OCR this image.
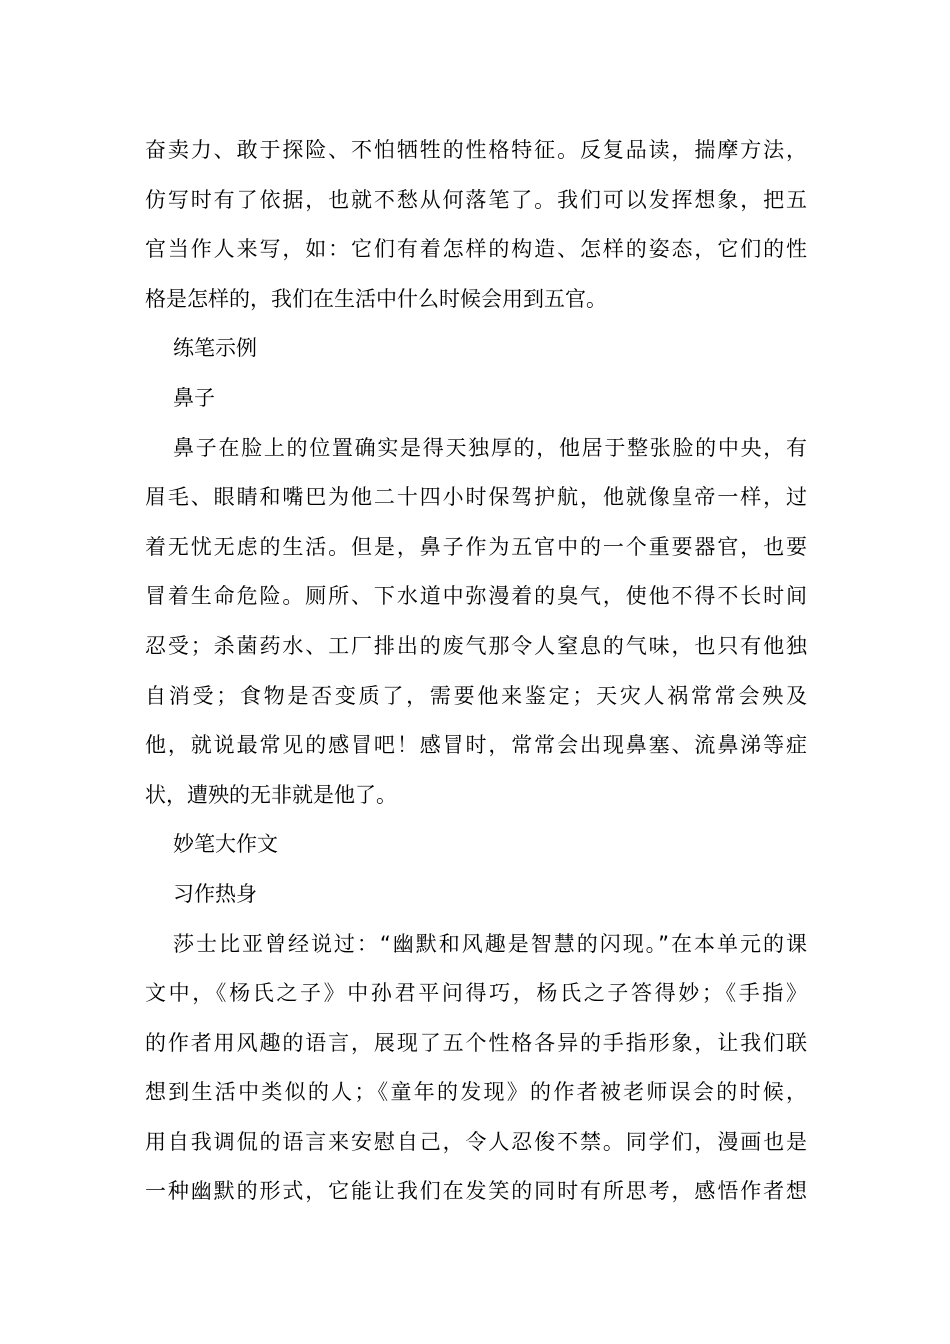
奋卖力、敢于探险、不怕牺牲的性格特征。反复品读，揣摩方法，
仿写时有了依据，也就不愁从何落笔了。我们可以发挥想象，把五
官当作人来写，如：它们有着怎样的构造、怎样的姿态，它们的性
格是怎样的，我们在生活中什么时候会用到五官。
练笔示例
鼻子
鼻子在脸上的位置确实是得天独厚的，他居于整张脸的中央，有
眉毛、眼睛和嘴巴为他二十四小时保驾护航，他就像皇帝一样，过
着无忧无虑的生活。但是，鼻子作为五官中的一个重要器官，也要
冒着生命危险。厕所、下水道中弥漫着的臭气，使他不得不长时间
忍受；杀菌药水、工厂排出的废气那令人窒息的气味，也只有他独
自消受；食物是否变质了，需要他来鉴定；天灾人祸常常会殃及
他，就说最常见的感冒吧！感冒时，常常会出现鼻塞、流鼻涕等症
状，遭殃的无非就是他了。
妙笔大作文
习作热身
莎士比亚曾经说过：“幽默和风趣是智慧的闪现。”在本单元的课
文中，《杨氏之子》中孙君平问得巧，杨氏之子答得妙；《手指》
的作者用风趣的语言，展现了五个性格各异的手指形象，让我们联
想到生活中类似的人；《童年的发现》的作者被老师误会的时候，
用自我调侃的语言来安慰自己，令人忍俊不禁。同学们，漫画也是
一种幽默的形式，它能让我们在发笑的同时有所思考，感悟作者想
